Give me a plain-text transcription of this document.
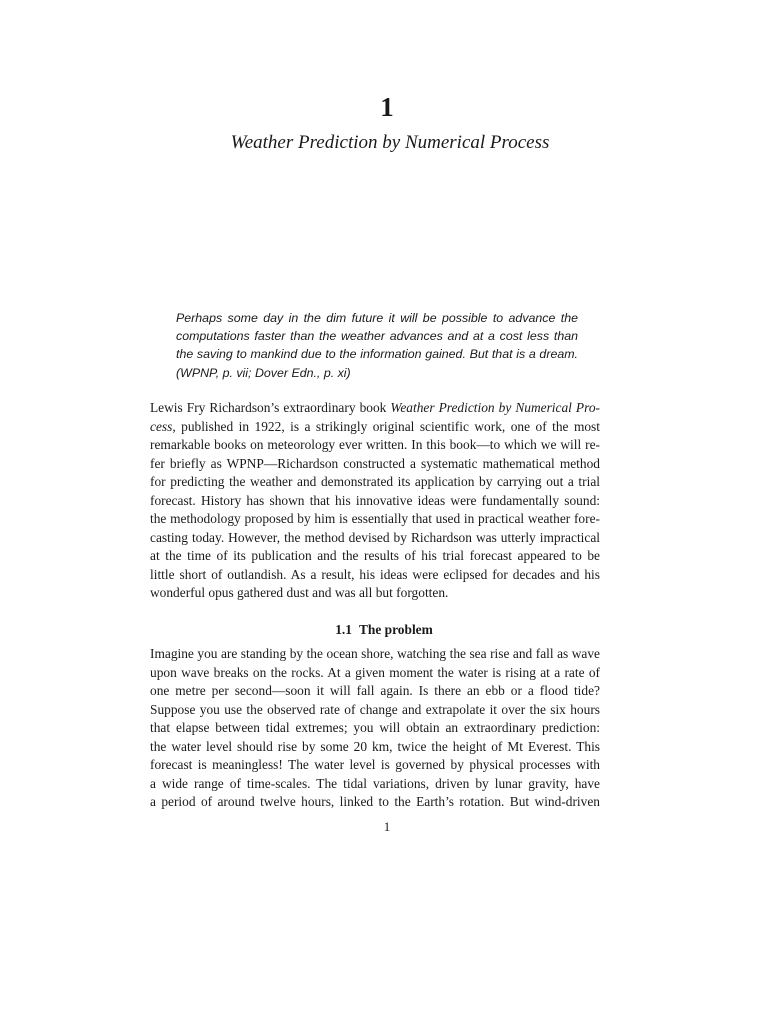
1
Weather Prediction by Numerical Process
Perhaps some day in the dim future it will be possible to advance the
computations faster than the weather advances and at a cost less than
the saving to mankind due to the information gained. But that is a dream.
(WPNP, p. vii; Dover Edn., p. xi)
Lewis Fry Richardson’s extraordinary book Weather Prediction by Numerical Pro-
cess, published in 1922, is a strikingly original scientific work, one of the most
remarkable books on meteorology ever written. In this book—to which we will re-
fer briefly as WPNP—Richardson constructed a systematic mathematical method
for predicting the weather and demonstrated its application by carrying out a trial
forecast. History has shown that his innovative ideas were fundamentally sound:
the methodology proposed by him is essentially that used in practical weather fore-
casting today. However, the method devised by Richardson was utterly impractical
at the time of its publication and the results of his trial forecast appeared to be
little short of outlandish. As a result, his ideas were eclipsed for decades and his
wonderful opus gathered dust and was all but forgotten.
1.1 The problem
Imagine you are standing by the ocean shore, watching the sea rise and fall as wave
upon wave breaks on the rocks. At a given moment the water is rising at a rate of
one metre per second—soon it will fall again. Is there an ebb or a flood tide?
Suppose you use the observed rate of change and extrapolate it over the six hours
that elapse between tidal extremes; you will obtain an extraordinary prediction:
the water level should rise by some 20 km, twice the height of Mt Everest. This
forecast is meaningless! The water level is governed by physical processes with
a wide range of time-scales. The tidal variations, driven by lunar gravity, have
a period of around twelve hours, linked to the Earth’s rotation. But wind-driven
1
